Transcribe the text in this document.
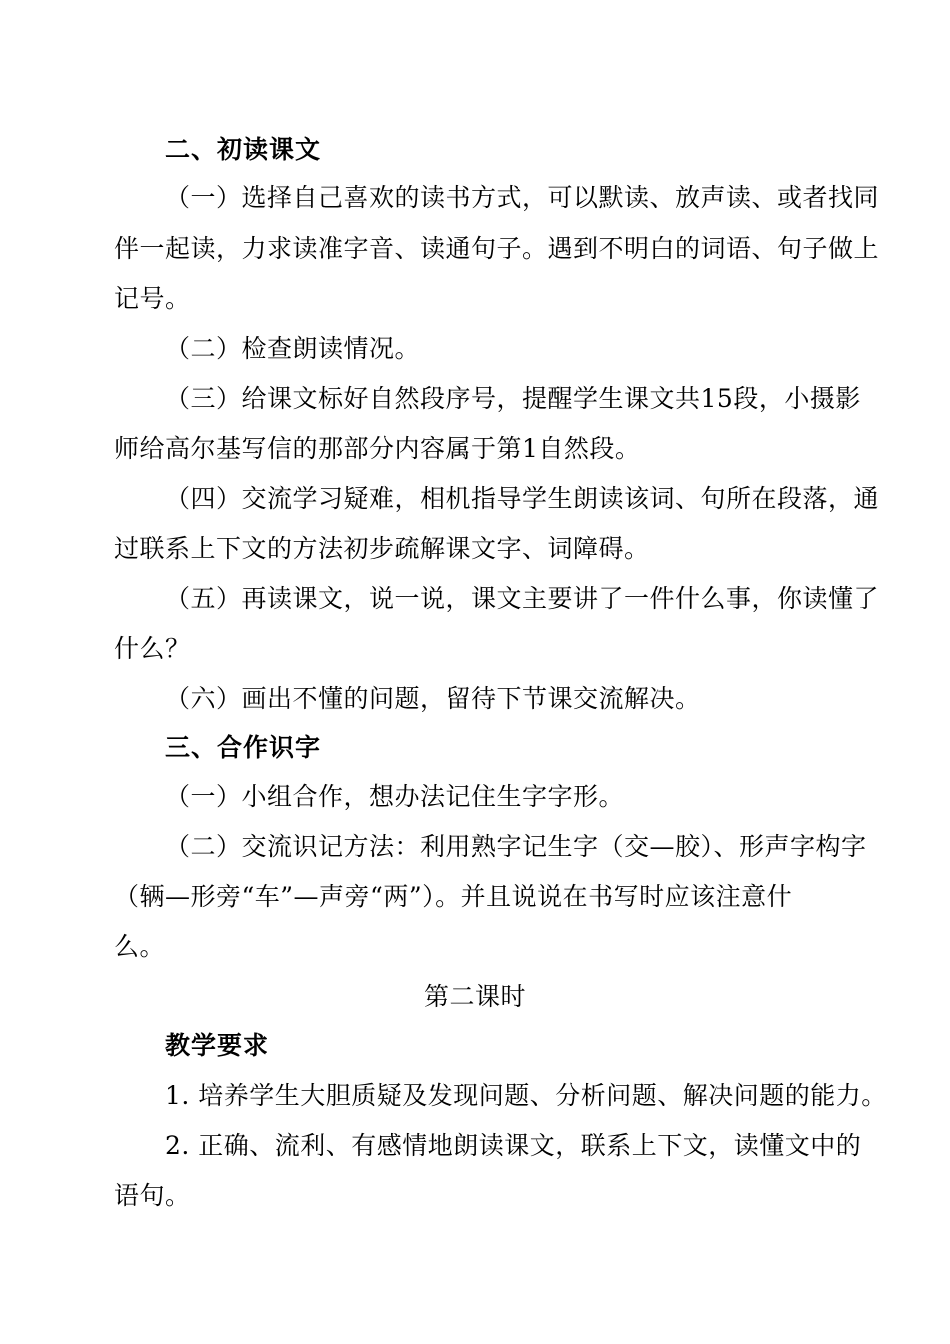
二、初读课文
（一）选择自己喜欢的读书方式，可以默读、放声读、或者找同
伴一起读，力求读准字音、读通句子。遇到不明白的词语、句子做上
记号。
（二）检查朗读情况。
（三）给课文标好自然段序号，提醒学生课文共15段，小摄影
师给高尔基写信的那部分内容属于第1自然段。
（四）交流学习疑难，相机指导学生朗读该词、句所在段落，通
过联系上下文的方法初步疏解课文字、词障碍。
（五）再读课文，说一说，课文主要讲了一件什么事，你读懂了
什么？
（六）画出不懂的问题，留待下节课交流解决。
三、合作识字
（一）小组合作，想办法记住生字字形。
（二）交流识记方法：利用熟字记生字（交—胶）、形声字构字
（辆—形旁“车”—声旁“两”）。并且说说在书写时应该注意什
么。
第二课时
教学要求
1. 培养学生大胆质疑及发现问题、分析问题、解决问题的能力。
2. 正确、流利、有感情地朗读课文，联系上下文，读懂文中的
语句。
